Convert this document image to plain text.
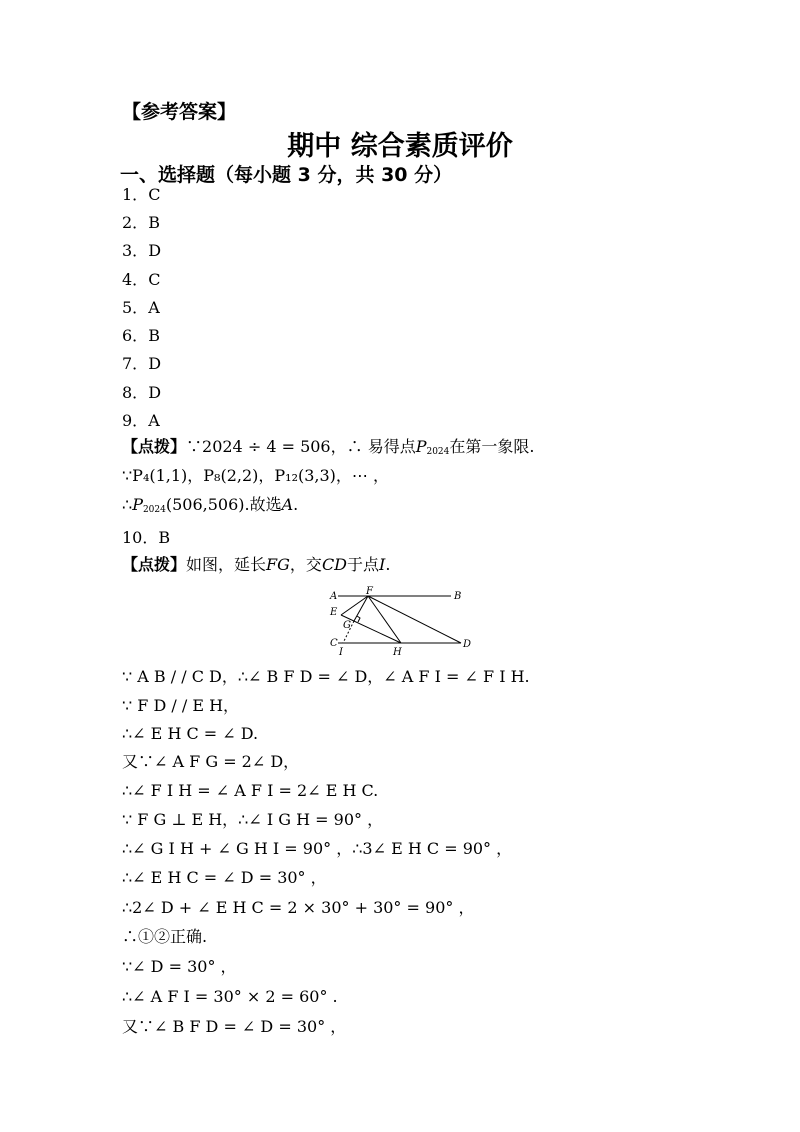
【参考答案】
期中 综合素质评价
一、选择题（每小题 3 分，共 30 分）
1．C
2．B
3．D
4．C
5．A
6．B
7．D
8．D
9．A
【点拨】∵2024 ÷ 4 = 506，∴ 易得点$P_{2024}$在第一象限.
∵P₄(1,1)，P₈(2,2)，P₁₂(3,3)，⋯ ，
$\therefore P_{2024}(506,506)$.故选A.
10．B
【点拨】如图，延长FG，交CD于点I.
A	B
F
E
G
C
I	H
D
∵ A B / / C D，∴∠ B F D = ∠ D，∠ A F I = ∠ F I H.
∵ F D / / E H，
∴∠ E H C = ∠ D.
又∵∠ A F G = 2∠ D，
∴∠ F I H = ∠ A F I = 2∠ E H C.
∵ F G ⊥ E H，∴∠ I G H = 90° ，
∴∠ G I H + ∠ G H I = 90° ，∴3∠ E H C = 90° ，
∴∠ E H C = ∠ D = 30° ，
∴2∠ D + ∠ E H C = 2 × 30° + 30° = 90° ，
∴①②正确.
∵∠ D = 30° ，
∴∠ A F I = 30° × 2 = 60° .
又∵∠ B F D = ∠ D = 30° ，
